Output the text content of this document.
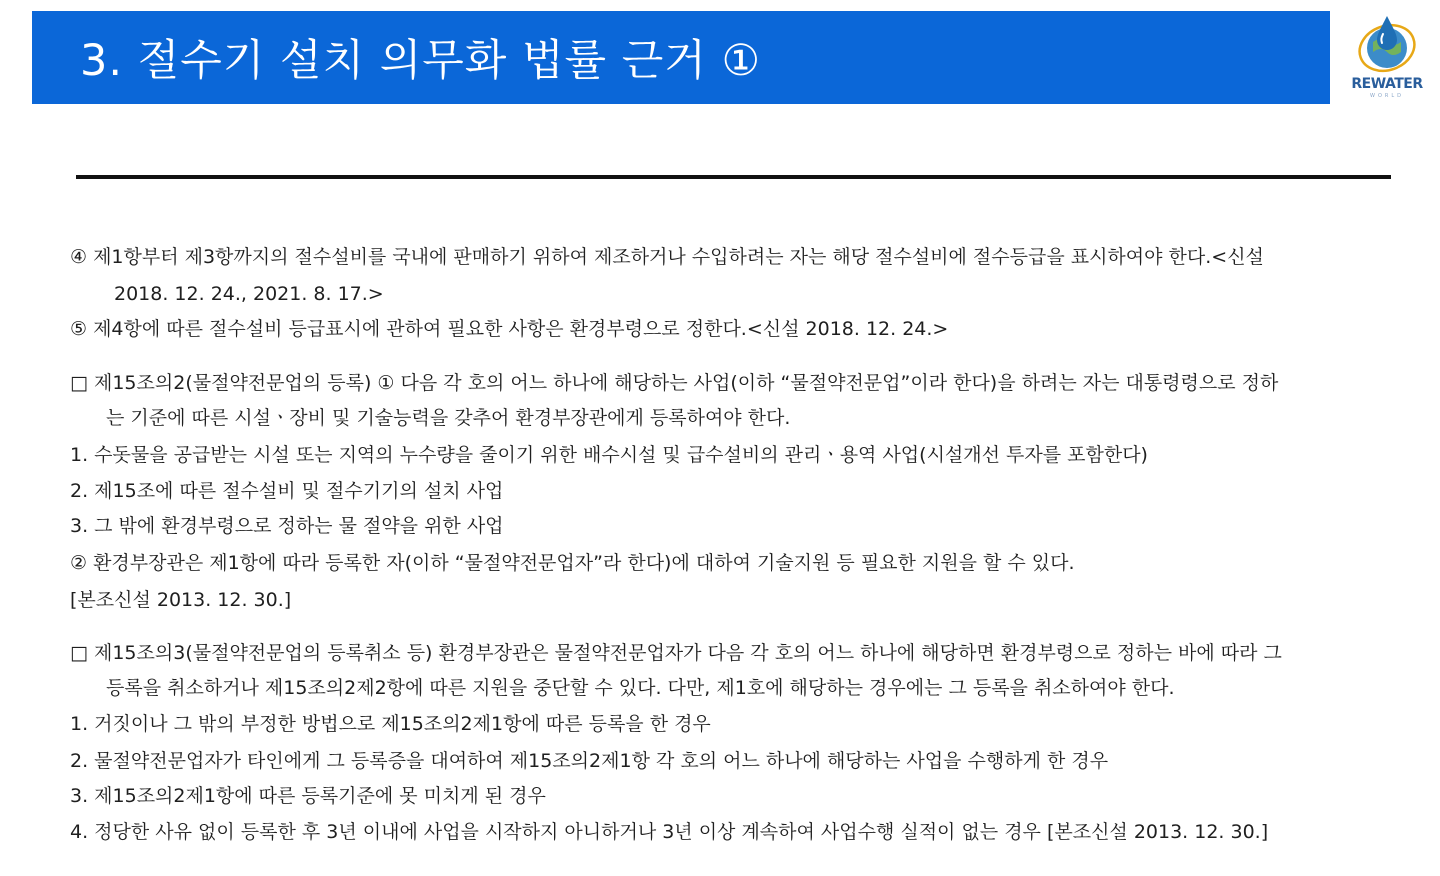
3. 절수기 설치 의무화 법률 근거 ①	REWATER
WORLD
④ 제1항부터 제3항까지의 절수설비를 국내에 판매하기 위하여 제조하거나 수입하려는 자는 해당 절수설비에 절수등급을 표시하여야 한다.<신설
2018. 12. 24., 2021. 8. 17.>
⑤ 제4항에 따른 절수설비 등급표시에 관하여 필요한 사항은 환경부령으로 정한다.<신설 2018. 12. 24.>
□ 제15조의2(물절약전문업의 등록) ① 다음 각 호의 어느 하나에 해당하는 사업(이하 “물절약전문업”이라 한다)을 하려는 자는 대통령령으로 정하
는 기준에 따른 시설ㆍ장비 및 기술능력을 갖추어 환경부장관에게 등록하여야 한다.
1. 수돗물을 공급받는 시설 또는 지역의 누수량을 줄이기 위한 배수시설 및 급수설비의 관리ㆍ용역 사업(시설개선 투자를 포함한다)
2. 제15조에 따른 절수설비 및 절수기기의 설치 사업
3. 그 밖에 환경부령으로 정하는 물 절약을 위한 사업
② 환경부장관은 제1항에 따라 등록한 자(이하 “물절약전문업자”라 한다)에 대하여 기술지원 등 필요한 지원을 할 수 있다.
[본조신설 2013. 12. 30.]
□ 제15조의3(물절약전문업의 등록취소 등) 환경부장관은 물절약전문업자가 다음 각 호의 어느 하나에 해당하면 환경부령으로 정하는 바에 따라 그
등록을 취소하거나 제15조의2제2항에 따른 지원을 중단할 수 있다. 다만, 제1호에 해당하는 경우에는 그 등록을 취소하여야 한다.
1. 거짓이나 그 밖의 부정한 방법으로 제15조의2제1항에 따른 등록을 한 경우
2. 물절약전문업자가 타인에게 그 등록증을 대여하여 제15조의2제1항 각 호의 어느 하나에 해당하는 사업을 수행하게 한 경우
3. 제15조의2제1항에 따른 등록기준에 못 미치게 된 경우
4. 정당한 사유 없이 등록한 후 3년 이내에 사업을 시작하지 아니하거나 3년 이상 계속하여 사업수행 실적이 없는 경우 [본조신설 2013. 12. 30.]
